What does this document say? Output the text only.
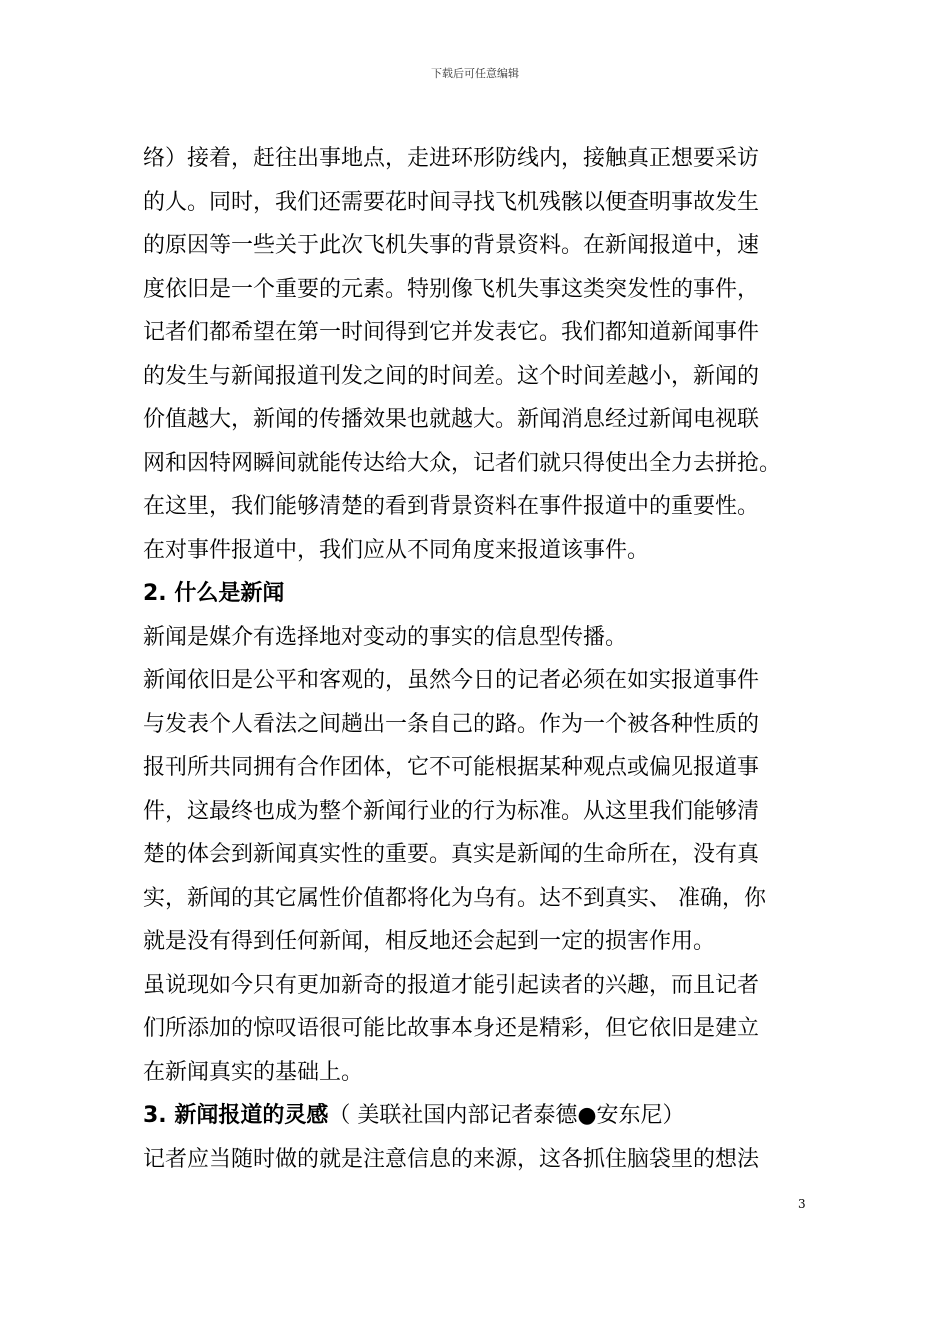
下载后可任意编辑
络）接着，赶往出事地点，走进环形防线内，接触真正想要采访
的人。同时，我们还需要花时间寻找飞机残骸以便查明事故发生
的原因等一些关于此次飞机失事的背景资料。在新闻报道中，速
度依旧是一个重要的元素。特别像飞机失事这类突发性的事件，
记者们都希望在第一时间得到它并发表它。我们都知道新闻事件
的发生与新闻报道刊发之间的时间差。这个时间差越小，新闻的
价值越大，新闻的传播效果也就越大。新闻消息经过新闻电视联
网和因特网瞬间就能传达给大众，记者们就只得使出全力去拼抢。
在这里，我们能够清楚的看到背景资料在事件报道中的重要性。
在对事件报道中，我们应从不同角度来报道该事件。
2. 什么是新闻
新闻是媒介有选择地对变动的事实的信息型传播。
新闻依旧是公平和客观的，虽然今日的记者必须在如实报道事件
与发表个人看法之间趟出一条自己的路。作为一个被各种性质的
报刊所共同拥有合作团体，它不可能根据某种观点或偏见报道事
件，这最终也成为整个新闻行业的行为标准。从这里我们能够清
楚的体会到新闻真实性的重要。真实是新闻的生命所在，没有真
实，新闻的其它属性价值都将化为乌有。达不到真实、 准确，你
就是没有得到任何新闻，相反地还会起到一定的损害作用。
虽说现如今只有更加新奇的报道才能引起读者的兴趣，而且记者
们所添加的惊叹语很可能比故事本身还是精彩，但它依旧是建立
在新闻真实的基础上。
3. 新闻报道的灵感（ 美联社国内部记者泰德●安东尼）
记者应当随时做的就是注意信息的来源，这各抓住脑袋里的想法
3
